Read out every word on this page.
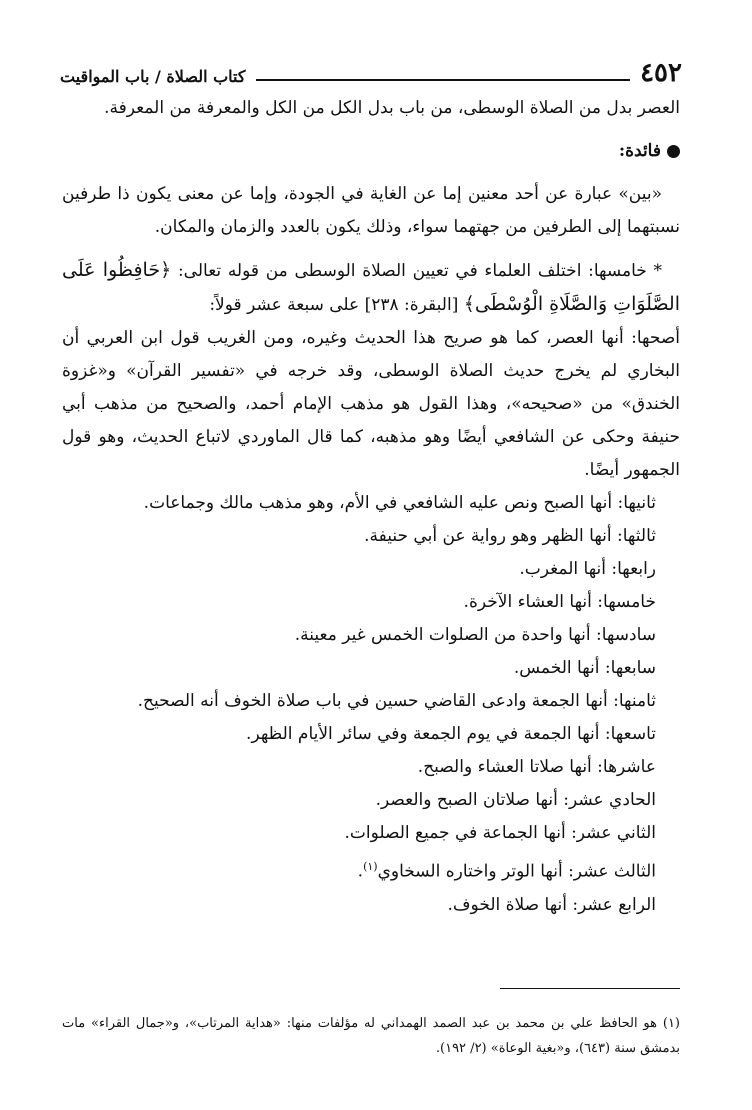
كتاب الصلاة / باب المواقيت	٤٥٢

العصر بدل من الصلاة الوسطى، من باب بدل الكل من الكل والمعرفة من المعرفة.

فائدة:

«بين» عبارة عن أحد معنين إما عن الغاية في الجودة، وإما عن معنى يكون ذا طرفين نسبتهما إلى الطرفين من جهتهما سواء، وذلك يكون بالعدد والزمان والمكان.

* خامسها: اختلف العلماء في تعيين الصلاة الوسطى من قوله تعالى: ﴿حَافِظُوا عَلَى الصَّلَوَاتِ وَالصَّلَاةِ الْوُسْطَى﴾ [البقرة: ٢٣٨] على سبعة عشر قولاً:

أصحها: أنها العصر، كما هو صريح هذا الحديث وغيره، ومن الغريب قول ابن العربي أن البخاري لم يخرج حديث الصلاة الوسطى، وقد خرجه في «تفسير القرآن» و«غزوة الخندق» من «صحيحه»، وهذا القول هو مذهب الإمام أحمد، والصحيح من مذهب أبي حنيفة وحكى عن الشافعي أيضًا وهو مذهبه، كما قال الماوردي لاتباع الحديث، وهو قول الجمهور أيضًا.

ثانيها: أنها الصبح ونص عليه الشافعي في الأم، وهو مذهب مالك وجماعات.

ثالثها: أنها الظهر وهو رواية عن أبي حنيفة.

رابعها: أنها المغرب.

خامسها: أنها العشاء الآخرة.

سادسها: أنها واحدة من الصلوات الخمس غير معينة.

سابعها: أنها الخمس.

ثامنها: أنها الجمعة وادعى القاضي حسين في باب صلاة الخوف أنه الصحيح.

تاسعها: أنها الجمعة في يوم الجمعة وفي سائر الأيام الظهر.

عاشرها: أنها صلاتا العشاء والصبح.

الحادي عشر: أنها صلاتان الصبح والعصر.

الثاني عشر: أنها الجماعة في جميع الصلوات.

الثالث عشر: أنها الوتر واختاره السخاوي$^{(١)}$.

الرابع عشر: أنها صلاة الخوف.

(١) هو الحافظ علي بن محمد بن عبد الصمد الهمداني له مؤلفات منها: «هداية المرتاب»، و«جمال القراء» مات بدمشق سنة (٦٤٣)، و«بغية الوعاة» (٢/ ١٩٢).
